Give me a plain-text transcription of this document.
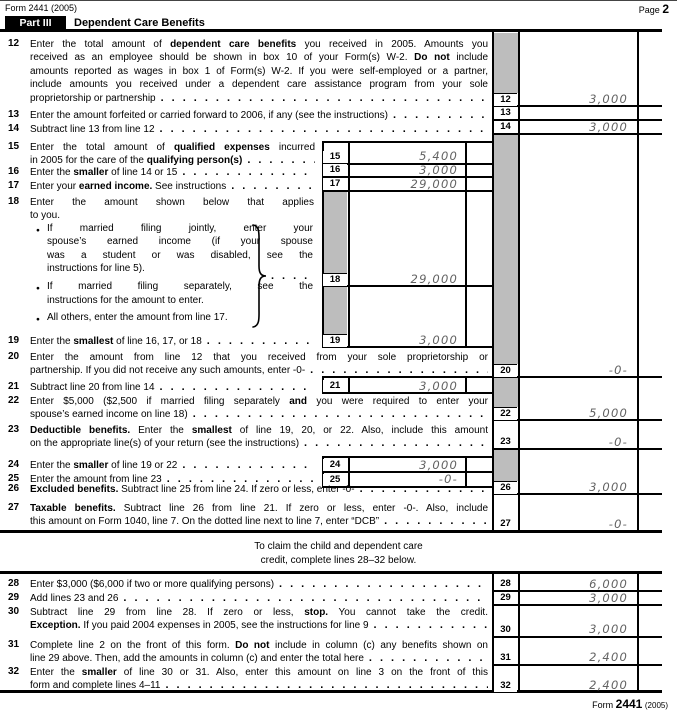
Form 2441 (2005)	Page 2
Part III	Dependent Care Benefits
12
13
14
20
22
23
26
27
28
29
30
31
32
15
16
17
18
19
21
24
25
12
13
14
15
16
17
18
19
20
21
22
23
24
25
26
27
28
29
30
31
32
Enter the total amount of dependent care benefits you received in 2005. Amounts you
received as an employee should be shown in box 10 of your Form(s) W-2. Do not include
amounts reported as wages in box 1 of Form(s) W-2. If you were self-employed or a partner,
include amounts you received under a dependent care assistance program from your sole
proprietorship or partnership
.....
Enter the amount forfeited or carried forward to 2006, if any (see the instructions)
.....
Subtract line 13 from line 12
.....
Enter the total amount of qualified expenses incurred
in 2005 for the care of the qualifying person(s)
.....
Enter the smaller of line 14 or 15
.....
Enter your earned income. See instructions
.....
Enter the amount shown below that applies
to you.
● If married filing jointly, enter your
spouse’s earned income (if your spouse
was a student or was disabled, see the
instructions for line 5).
● If married filing separately, see the
instructions for the amount to enter.
● All others, enter the amount from line 17.
Enter the smallest of line 16, 17, or 18
.....
Enter the amount from line 12 that you received from your sole proprietorship or
partnership. If you did not receive any such amounts, enter -0-
.....
Subtract line 20 from line 14
.....
Enter $5,000 ($2,500 if married filing separately and you were required to enter your
spouse’s earned income on line 18)
.....
Deductible benefits. Enter the smallest of line 19, 20, or 22. Also, include this amount
on the appropriate line(s) of your return (see the instructions)
.....
Enter the smaller of line 19 or 22
.....
Enter the amount from line 23
.....
Excluded benefits. Subtract line 25 from line 24. If zero or less, enter -0-
.....
Taxable benefits. Subtract line 26 from line 21. If zero or less, enter -0-. Also, include
this amount on Form 1040, line 7. On the dotted line next to line 7, enter “DCB”
.....
Enter $3,000 ($6,000 if two or more qualifying persons)
.....
Add lines 23 and 26
.....
Subtract line 29 from line 28. If zero or less, stop. You cannot take the credit.
Exception. If you paid 2004 expenses in 2005, see the instructions for line 9
.....
Complete line 2 on the front of this form. Do not include in column (c) any benefits shown on
line 29 above. Then, add the amounts in column (c) and enter the total here
.....
Enter the smaller of line 30 or 31. Also, enter this amount on line 3 on the front of this
form and complete lines 4–11
.....
.....
5,400
3,000
29,000
29,000
3,000
3,000
3,000
-0-
3,000
3,000
-0-
5,000
-0-
3,000
-0-
6,000
3,000
3,000
2,400
2,400
To claim the child and dependent care
credit, complete lines 28–32 below.
Form 2441 (2005)
